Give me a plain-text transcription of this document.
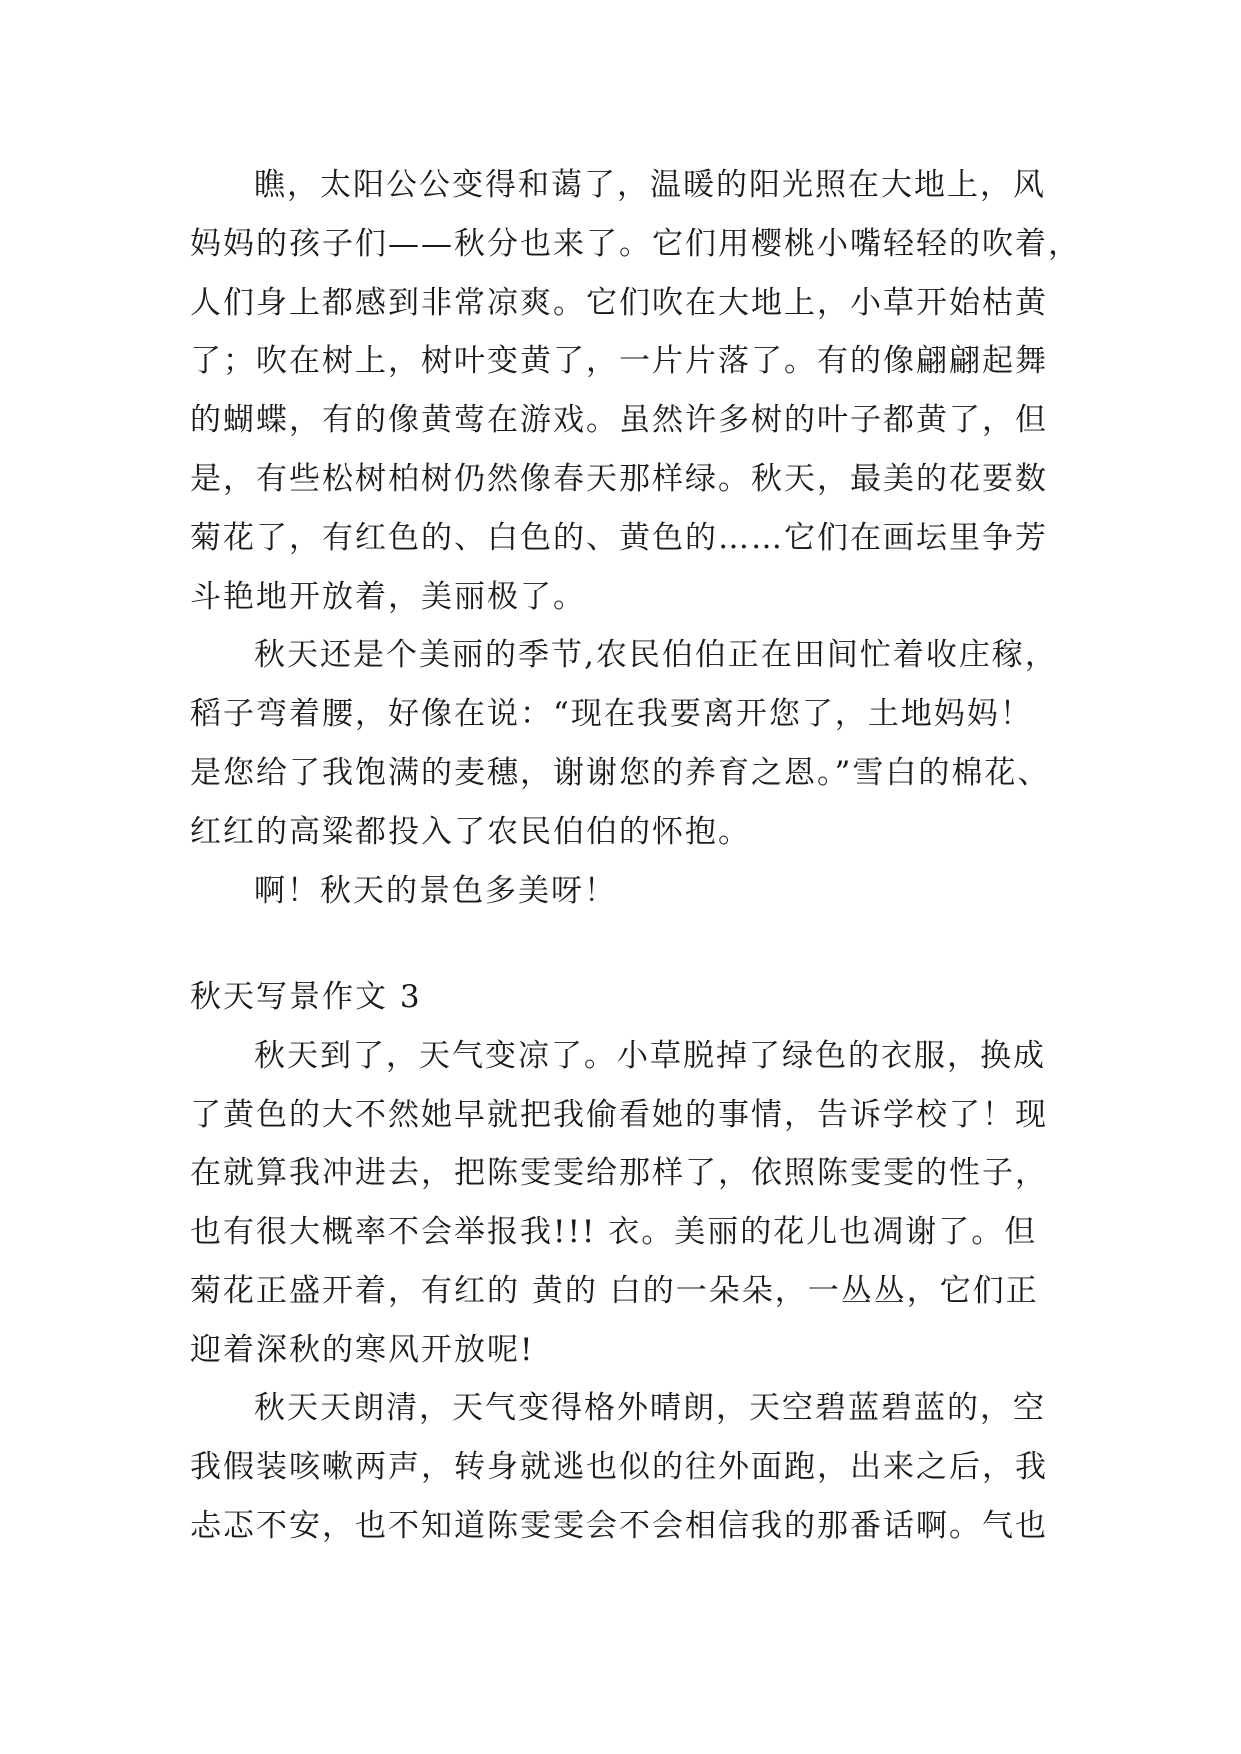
瞧，太阳公公变得和蔼了，温暖的阳光照在大地上，风

妈妈的孩子们——秋分也来了。它们用樱桃小嘴轻轻的吹着，

人们身上都感到非常凉爽。它们吹在大地上，小草开始枯黄

了；吹在树上，树叶变黄了，一片片落了。有的像翩翩起舞

的蝴蝶，有的像黄莺在游戏。虽然许多树的叶子都黄了，但

是，有些松树柏树仍然像春天那样绿。秋天，最美的花要数

菊花了，有红色的、白色的、黄色的……它们在画坛里争芳

斗艳地开放着，美丽极了。

秋天还是个美丽的季节,农民伯伯正在田间忙着收庄稼，

稻子弯着腰，好像在说：“现在我要离开您了，土地妈妈！

是您给了我饱满的麦穗，谢谢您的养育之恩。”雪白的棉花、

红红的高粱都投入了农民伯伯的怀抱。

啊！秋天的景色多美呀！

秋天写景作文 3

秋天到了，天气变凉了。小草脱掉了绿色的衣服，换成

了黄色的大不然她早就把我偷看她的事情，告诉学校了！现

在就算我冲进去，把陈雯雯给那样了，依照陈雯雯的性子，

也有很大概率不会举报我!!! 衣。美丽的花儿也凋谢了。但

菊花正盛开着，有红的 黄的 白的一朵朵，一丛丛，它们正

迎着深秋的寒风开放呢!

秋天天朗清，天气变得格外晴朗，天空碧蓝碧蓝的，空

我假装咳嗽两声，转身就逃也似的往外面跑，出来之后，我

忐忑不安，也不知道陈雯雯会不会相信我的那番话啊。气也
